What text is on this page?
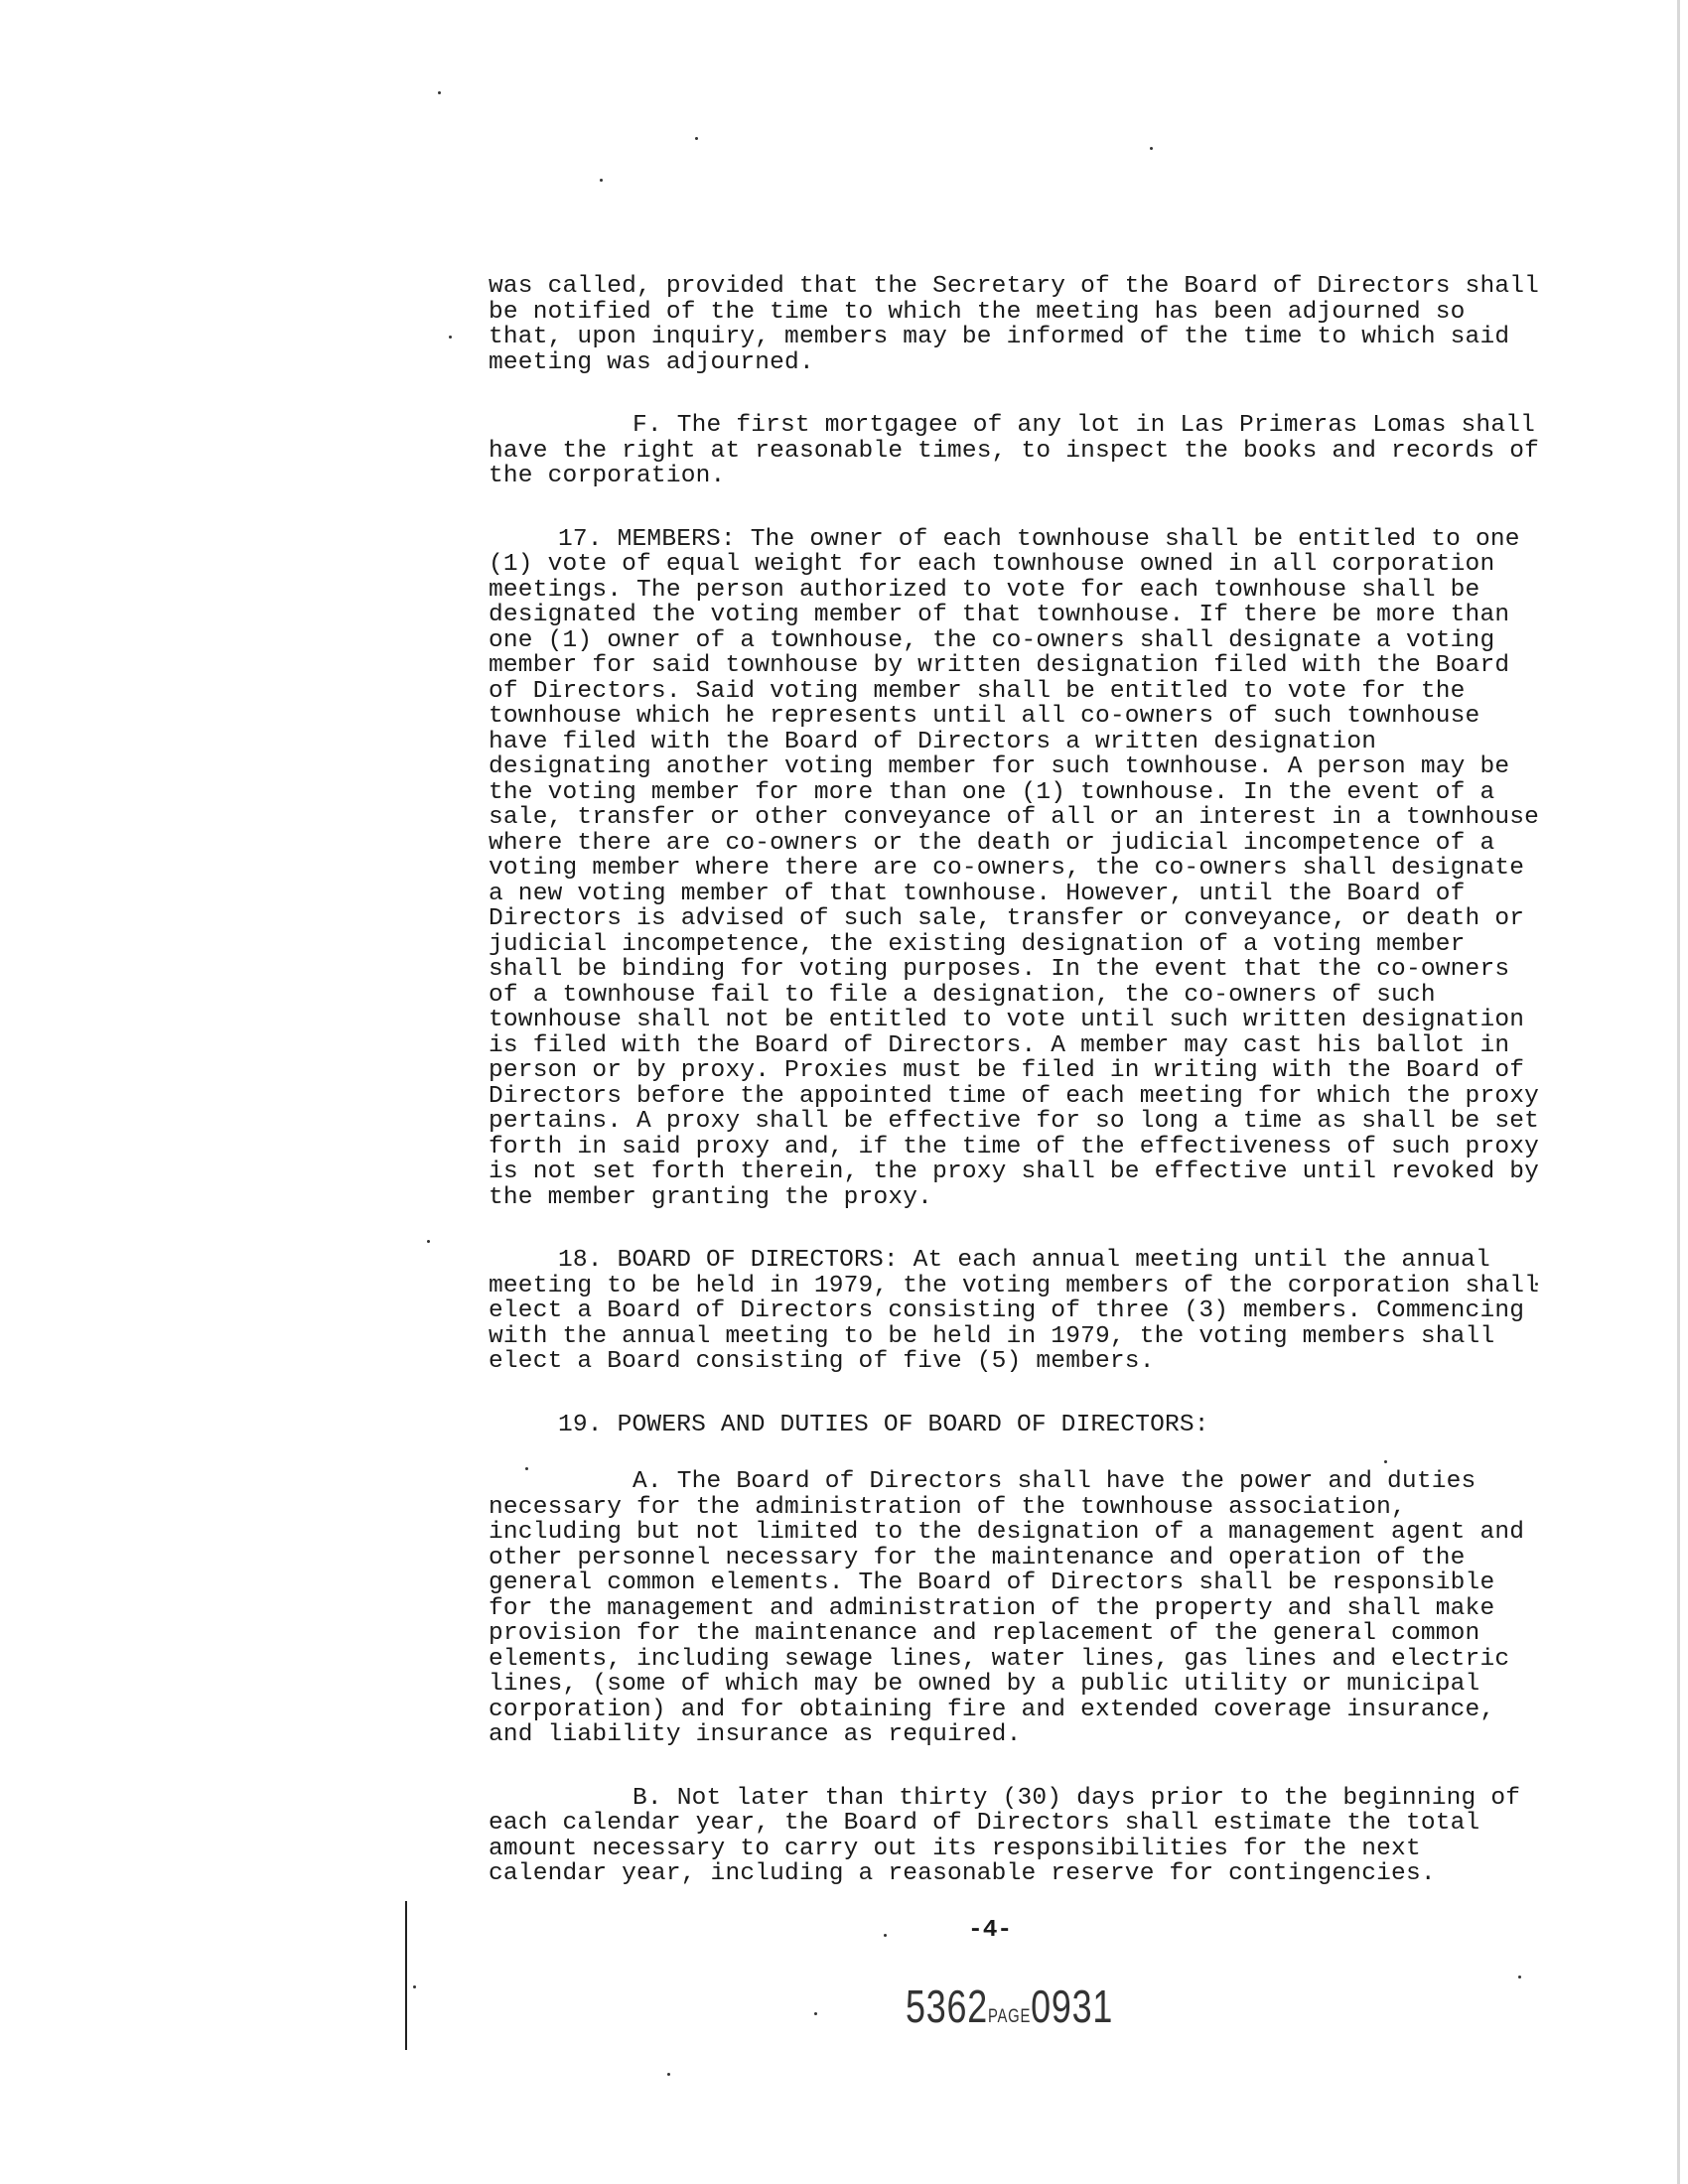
was called, provided that the Secretary of the Board of Directors shall be notified of the time to which the meeting has been adjourned so that, upon inquiry, members may be informed of the time to which said meeting was adjourned.

F. The first mortgagee of any lot in Las Primeras Lomas shall have the right at reasonable times, to inspect the books and records of the corporation.

17. MEMBERS: The owner of each townhouse shall be entitled to one (1) vote of equal weight for each townhouse owned in all corporation meetings. The person authorized to vote for each townhouse shall be designated the voting member of that townhouse. If there be more than one (1) owner of a townhouse, the co-owners shall designate a voting member for said townhouse by written designation filed with the Board of Directors. Said voting member shall be entitled to vote for the townhouse which he represents until all co-owners of such townhouse have filed with the Board of Directors a written designation designating another voting member for such townhouse. A person may be the voting member for more than one (1) townhouse. In the event of a sale, transfer or other conveyance of all or an interest in a townhouse where there are co-owners or the death or judicial incompetence of a voting member where there are co-owners, the co-owners shall designate a new voting member of that townhouse. However, until the Board of Directors is advised of such sale, transfer or conveyance, or death or judicial incompetence, the existing designation of a voting member shall be binding for voting purposes. In the event that the co-owners of a townhouse fail to file a designation, the co-owners of such townhouse shall not be entitled to vote until such written designation is filed with the Board of Directors. A member may cast his ballot in person or by proxy. Proxies must be filed in writing with the Board of Directors before the appointed time of each meeting for which the proxy pertains. A proxy shall be effective for so long a time as shall be set forth in said proxy and, if the time of the effectiveness of such proxy is not set forth therein, the proxy shall be effective until revoked by the member granting the proxy.

18. BOARD OF DIRECTORS: At each annual meeting until the annual meeting to be held in 1979, the voting members of the corporation shall elect a Board of Directors consisting of three (3) members. Commencing with the annual meeting to be held in 1979, the voting members shall elect a Board consisting of five (5) members.

19. POWERS AND DUTIES OF BOARD OF DIRECTORS:

A. The Board of Directors shall have the power and duties necessary for the administration of the townhouse association, including but not limited to the designation of a management agent and other personnel necessary for the maintenance and operation of the general common elements. The Board of Directors shall be responsible for the management and administration of the property and shall make provision for the maintenance and replacement of the general common elements, including sewage lines, water lines, gas lines and electric lines, (some of which may be owned by a public utility or municipal corporation) and for obtaining fire and extended coverage insurance, and liability insurance as required.

B. Not later than thirty (30) days prior to the beginning of each calendar year, the Board of Directors shall estimate the total amount necessary to carry out its responsibilities for the next calendar year, including a reasonable reserve for contingencies.

-4-
5362PAGE0931
